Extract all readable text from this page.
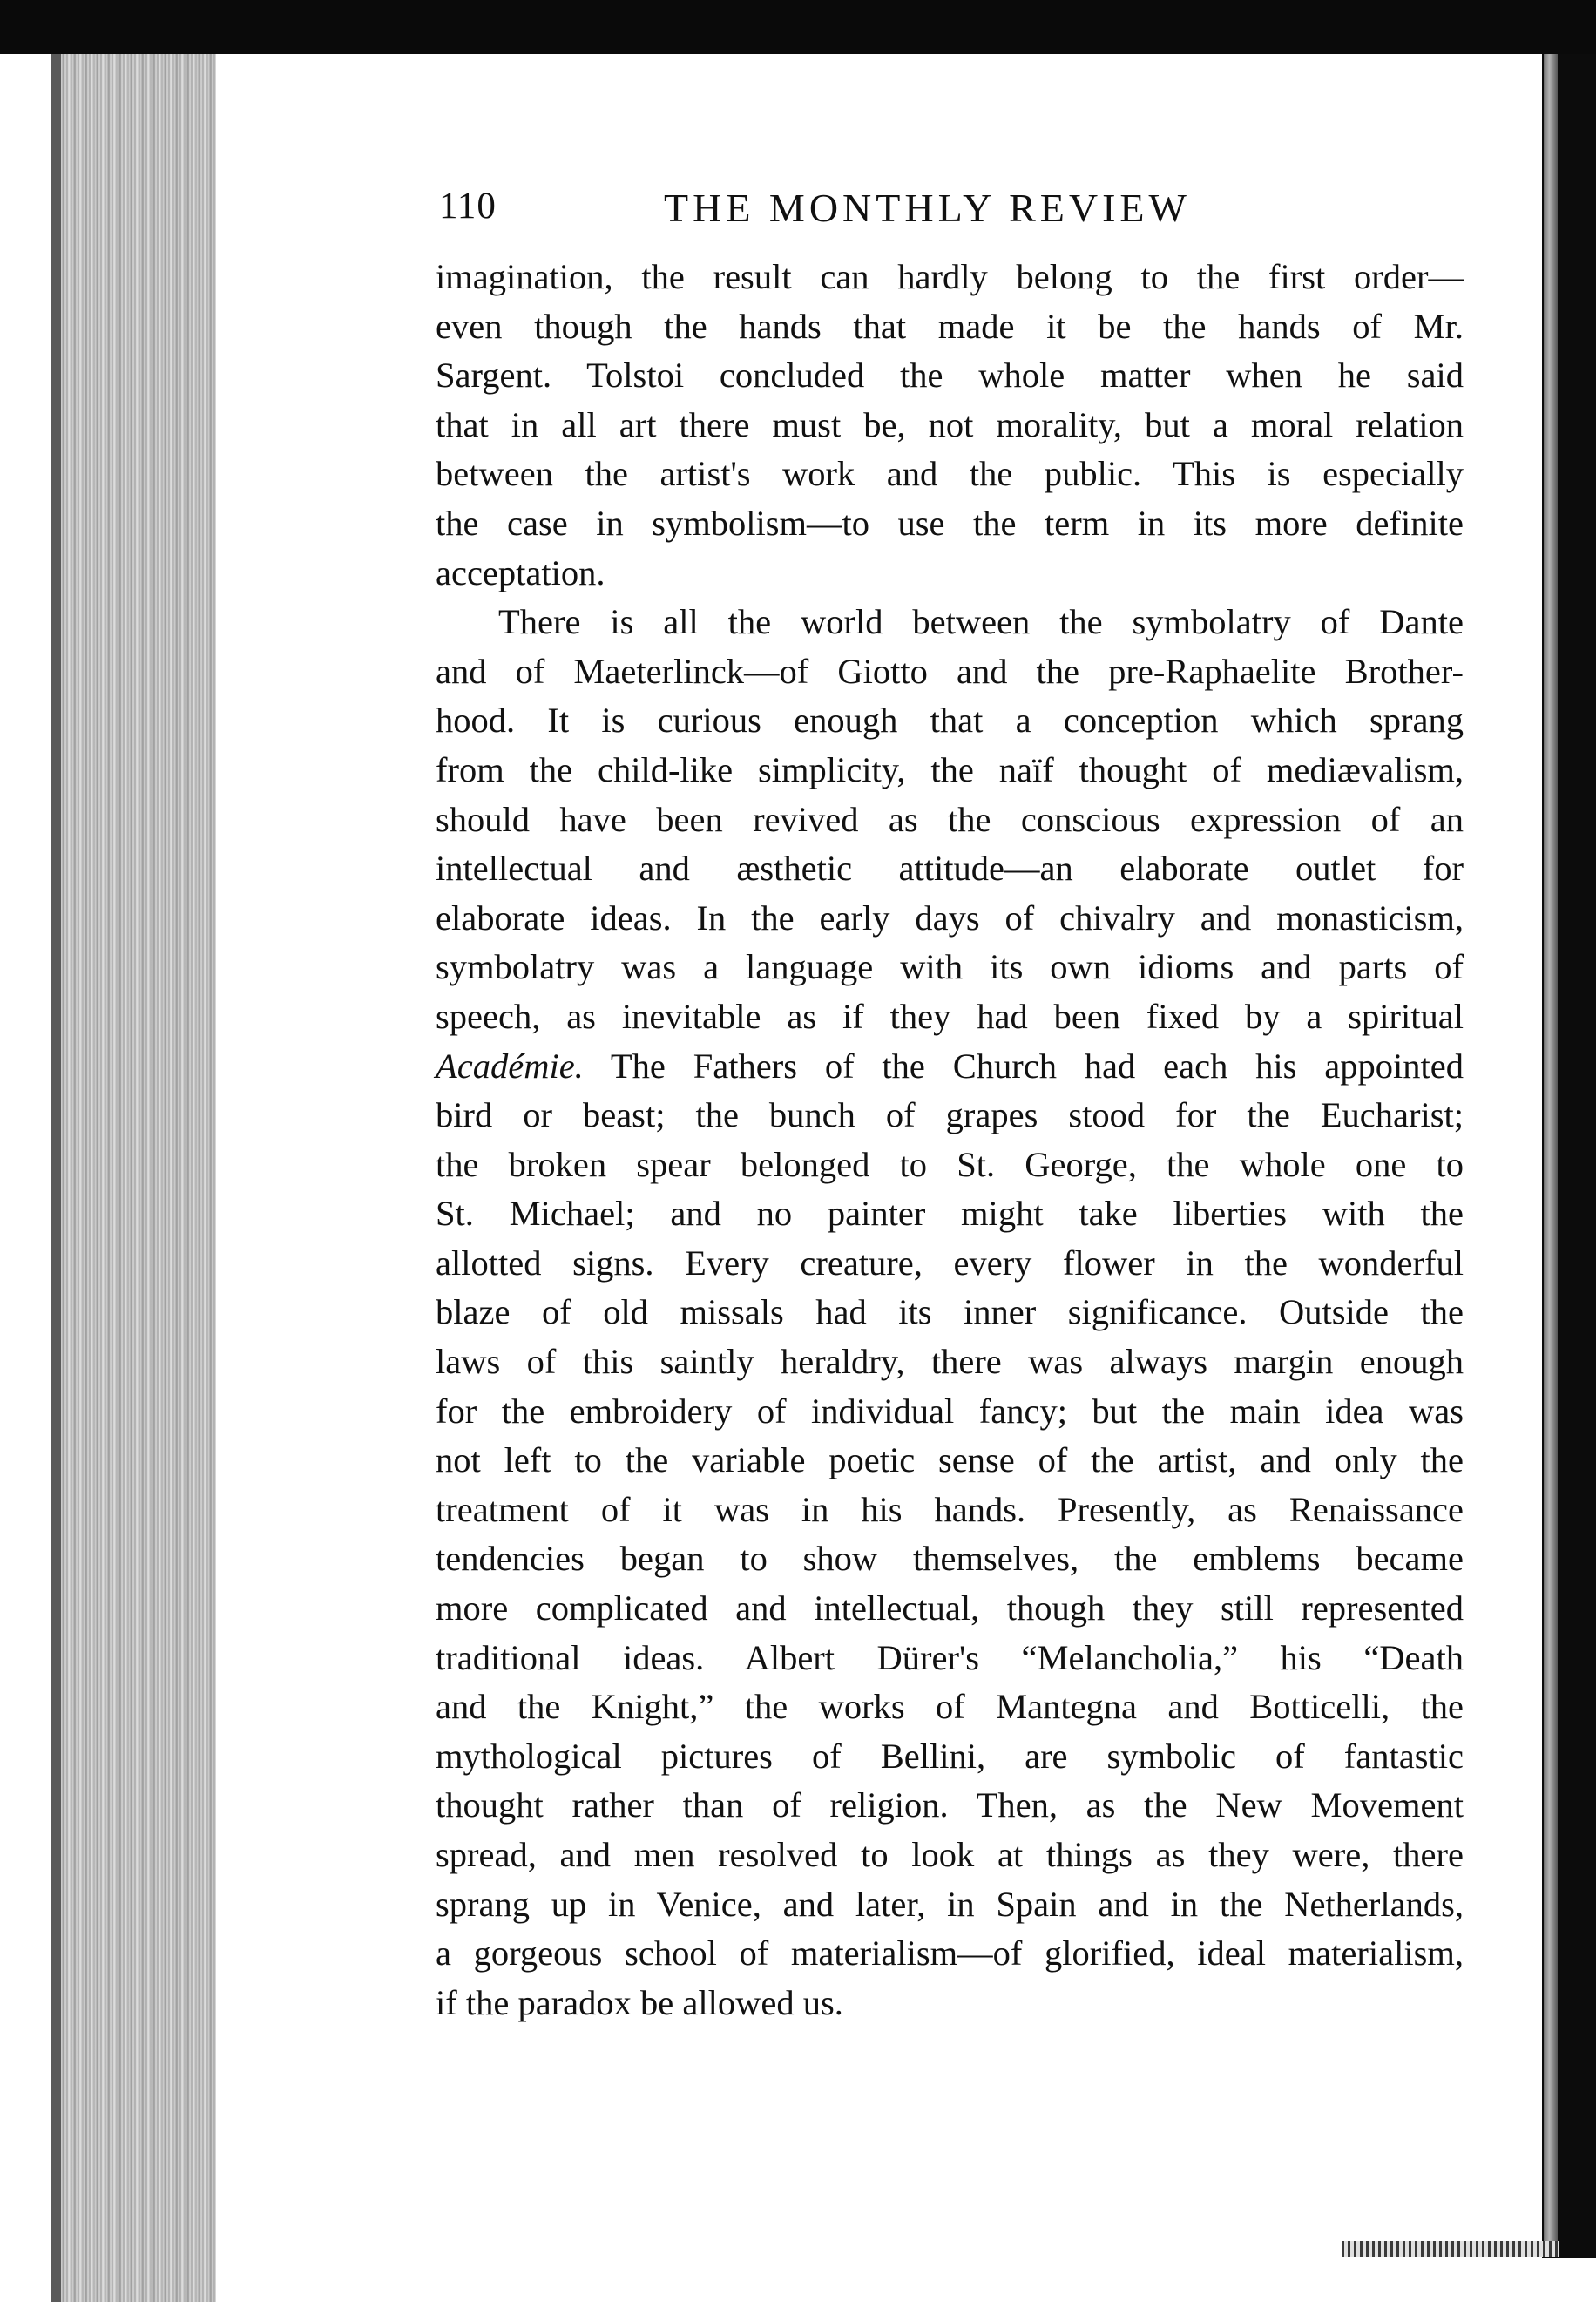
110	THE MONTHLY REVIEW
imagination, the result can hardly belong to the first order—
even though the hands that made it be the hands of Mr.
Sargent. Tolstoi concluded the whole matter when he said
that in all art there must be, not morality, but a moral relation
between the artist's work and the public. This is especially
the case in symbolism—to use the term in its more definite
acceptation.
There is all the world between the symbolatry of Dante
and of Maeterlinck—of Giotto and the pre-Raphaelite Brother-
hood. It is curious enough that a conception which sprang
from the child-like simplicity, the naïf thought of mediævalism,
should have been revived as the conscious expression of an
intellectual and æsthetic attitude—an elaborate outlet for
elaborate ideas. In the early days of chivalry and monasticism,
symbolatry was a language with its own idioms and parts of
speech, as inevitable as if they had been fixed by a spiritual
Académie. The Fathers of the Church had each his appointed
bird or beast; the bunch of grapes stood for the Eucharist;
the broken spear belonged to St. George, the whole one to
St. Michael; and no painter might take liberties with the
allotted signs. Every creature, every flower in the wonderful
blaze of old missals had its inner significance. Outside the
laws of this saintly heraldry, there was always margin enough
for the embroidery of individual fancy; but the main idea was
not left to the variable poetic sense of the artist, and only the
treatment of it was in his hands. Presently, as Renaissance
tendencies began to show themselves, the emblems became
more complicated and intellectual, though they still represented
traditional ideas. Albert Dürer's “Melancholia,” his “Death
and the Knight,” the works of Mantegna and Botticelli, the
mythological pictures of Bellini, are symbolic of fantastic
thought rather than of religion. Then, as the New Movement
spread, and men resolved to look at things as they were, there
sprang up in Venice, and later, in Spain and in the Netherlands,
a gorgeous school of materialism—of glorified, ideal materialism,
if the paradox be allowed us.
